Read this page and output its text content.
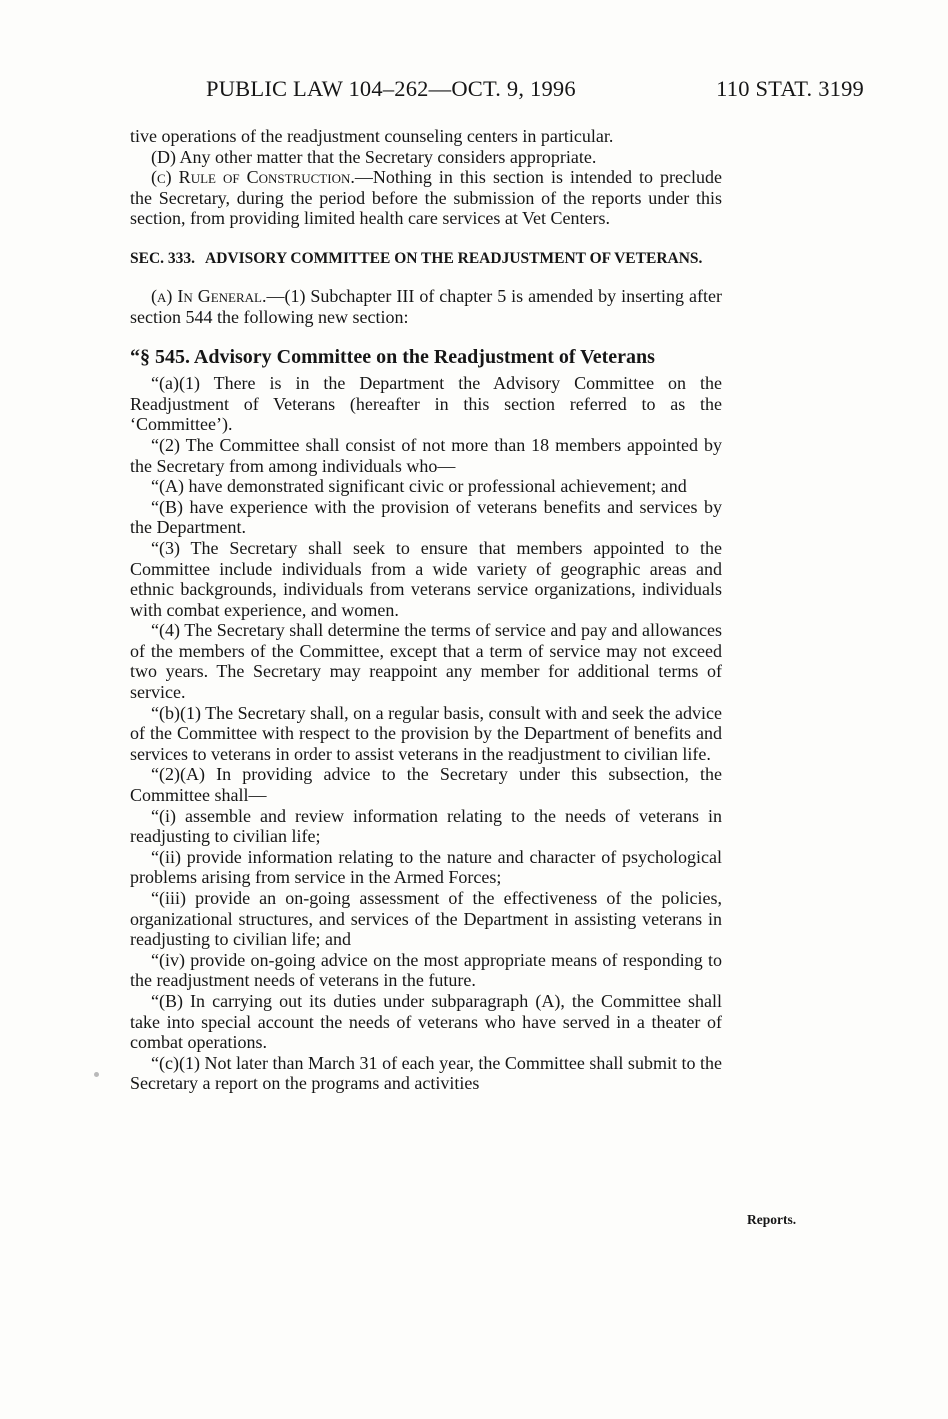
PUBLIC LAW 104–262—OCT. 9, 1996	110 STAT. 3199

tive operations of the readjustment counseling centers in particular.

(D) Any other matter that the Secretary considers appropriate.

(c) Rule of Construction.—Nothing in this section is intended to preclude the Secretary, during the period before the submission of the reports under this section, from providing limited health care services at Vet Centers.

SEC. 333. ADVISORY COMMITTEE ON THE READJUSTMENT OF VETERANS.

(a) In General.—(1) Subchapter III of chapter 5 is amended by inserting after section 544 the following new section:

“§ 545. Advisory Committee on the Readjustment of Veterans

“(a)(1) There is in the Department the Advisory Committee on the Readjustment of Veterans (hereafter in this section referred to as the ‘Committee’).

“(2) The Committee shall consist of not more than 18 members appointed by the Secretary from among individuals who—

“(A) have demonstrated significant civic or professional achievement; and

“(B) have experience with the provision of veterans benefits and services by the Department.

“(3) The Secretary shall seek to ensure that members appointed to the Committee include individuals from a wide variety of geographic areas and ethnic backgrounds, individuals from veterans service organizations, individuals with combat experience, and women.

“(4) The Secretary shall determine the terms of service and pay and allowances of the members of the Committee, except that a term of service may not exceed two years. The Secretary may reappoint any member for additional terms of service.

“(b)(1) The Secretary shall, on a regular basis, consult with and seek the advice of the Committee with respect to the provision by the Department of benefits and services to veterans in order to assist veterans in the readjustment to civilian life.

“(2)(A) In providing advice to the Secretary under this subsection, the Committee shall—

“(i) assemble and review information relating to the needs of veterans in readjusting to civilian life;

“(ii) provide information relating to the nature and character of psychological problems arising from service in the Armed Forces;

“(iii) provide an on-going assessment of the effectiveness of the policies, organizational structures, and services of the Department in assisting veterans in readjusting to civilian life; and

“(iv) provide on-going advice on the most appropriate means of responding to the readjustment needs of veterans in the future.

“(B) In carrying out its duties under subparagraph (A), the Committee shall take into special account the needs of veterans who have served in a theater of combat operations.

“(c)(1) Not later than March 31 of each year, the Committee shall submit to the Secretary a report on the programs and activities

Reports.
